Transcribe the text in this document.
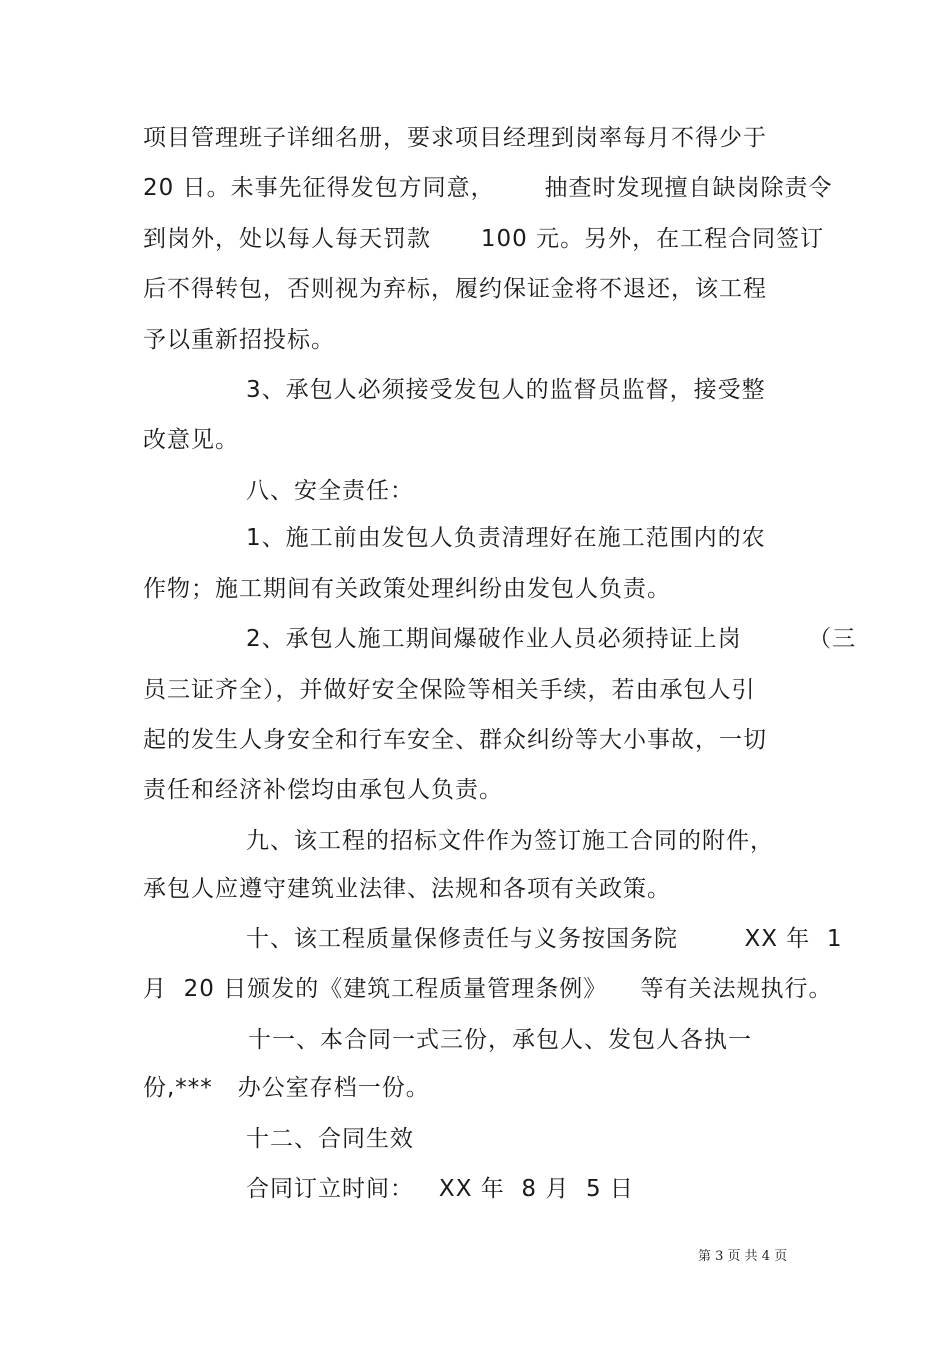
项目管理班子详细名册，要求项目经理到岗率每月不得少于
20 日。未事先征得发包方同意，      抽查时发现擅自缺岗除责令
到岗外，处以每人每天罚款      100 元。另外，在工程合同签订
后不得转包，否则视为弃标，履约保证金将不退还，该工程
予以重新招投标。
3、承包人必须接受发包人的监督员监督，接受整
改意见。
八、安全责任：
1、施工前由发包人负责清理好在施工范围内的农
作物；施工期间有关政策处理纠纷由发包人负责。
2、承包人施工期间爆破作业人员必须持证上岗        （三
员三证齐全），并做好安全保险等相关手续，若由承包人引
起的发生人身安全和行车安全、群众纠纷等大小事故，一切
责任和经济补偿均由承包人负责。
九、该工程的招标文件作为签订施工合同的附件，
承包人应遵守建筑业法律、法规和各项有关政策。
十、该工程质量保修责任与义务按国务院        XX 年  1
月  20 日颁发的《建筑工程质量管理条例》    等有关法规执行。
十一、本合同一式三份，承包人、发包人各执一
份,***   办公室存档一份。
十二、合同生效
合同订立时间：   XX 年  8 月  5 日
第 3 页 共 4 页
